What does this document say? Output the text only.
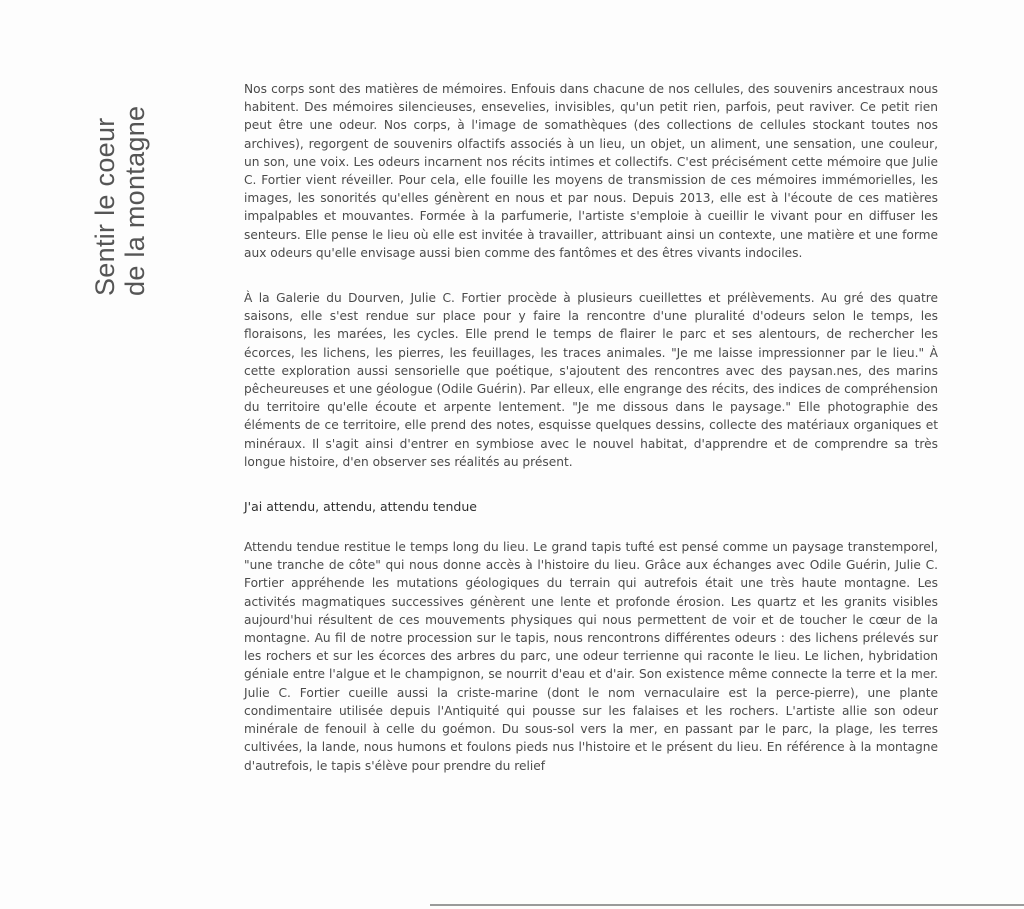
Sentir le coeur de la montagne

Nos corps sont des matières de mémoires. Enfouis dans chacune de nos cellules, des souvenirs ancestraux nous habitent. Des mémoires silencieuses, ensevelies, invisibles, qu'un petit rien, parfois, peut raviver. Ce petit rien peut être une odeur. Nos corps, à l'image de somathèques (des collections de cellules stockant toutes nos archives), regorgent de souvenirs olfactifs associés à un lieu, un objet, un aliment, une sensation, une couleur, un son, une voix. Les odeurs incarnent nos récits intimes et collectifs. C'est précisément cette mémoire que Julie C. Fortier vient réveiller. Pour cela, elle fouille les moyens de transmission de ces mémoires immémorielles, les images, les sonorités qu'elles génèrent en nous et par nous. Depuis 2013, elle est à l'écoute de ces matières impalpables et mouvantes. Formée à la parfumerie, l'artiste s'emploie à cueillir le vivant pour en diffuser les senteurs. Elle pense le lieu où elle est invitée à travailler, attribuant ainsi un contexte, une matière et une forme aux odeurs qu'elle envisage aussi bien comme des fantômes et des êtres vivants indociles.

À la Galerie du Dourven, Julie C. Fortier procède à plusieurs cueillettes et prélèvements. Au gré des quatre saisons, elle s'est rendue sur place pour y faire la rencontre d'une pluralité d'odeurs selon le temps, les floraisons, les marées, les cycles. Elle prend le temps de flairer le parc et ses alentours, de rechercher les écorces, les lichens, les pierres, les feuillages, les traces animales. "Je me laisse impressionner par le lieu." À cette exploration aussi sensorielle que poétique, s'ajoutent des rencontres avec des paysan.nes, des marins pêcheureuses et une géologue (Odile Guérin). Par elleux, elle engrange des récits, des indices de compréhension du territoire qu'elle écoute et arpente lentement. "Je me dissous dans le paysage." Elle photographie des éléments de ce territoire, elle prend des notes, esquisse quelques dessins, collecte des matériaux organiques et minéraux. Il s'agit ainsi d'entrer en symbiose avec le nouvel habitat, d'apprendre et de comprendre sa très longue histoire, d'en observer ses réalités au présent.

J'ai attendu, attendu, attendu tendue

Attendu tendue restitue le temps long du lieu. Le grand tapis tufté est pensé comme un paysage transtemporel, "une tranche de côte" qui nous donne accès à l'histoire du lieu. Grâce aux échanges avec Odile Guérin, Julie C. Fortier appréhende les mutations géologiques du terrain qui autrefois était une très haute montagne. Les activités magmatiques successives génèrent une lente et profonde érosion. Les quartz et les granits visibles aujourd'hui résultent de ces mouvements physiques qui nous permettent de voir et de toucher le cœur de la montagne. Au fil de notre procession sur le tapis, nous rencontrons différentes odeurs : des lichens prélevés sur les rochers et sur les écorces des arbres du parc, une odeur terrienne qui raconte le lieu. Le lichen, hybridation géniale entre l'algue et le champignon, se nourrit d'eau et d'air. Son existence même connecte la terre et la mer. Julie C. Fortier cueille aussi la criste-marine (dont le nom vernaculaire est la perce-pierre), une plante condimentaire utilisée depuis l'Antiquité qui pousse sur les falaises et les rochers. L'artiste allie son odeur minérale de fenouil à celle du goémon. Du sous-sol vers la mer, en passant par le parc, la plage, les terres cultivées, la lande, nous humons et foulons pieds nus l'histoire et le présent du lieu. En référence à la montagne d'autrefois, le tapis s'élève pour prendre du relief
